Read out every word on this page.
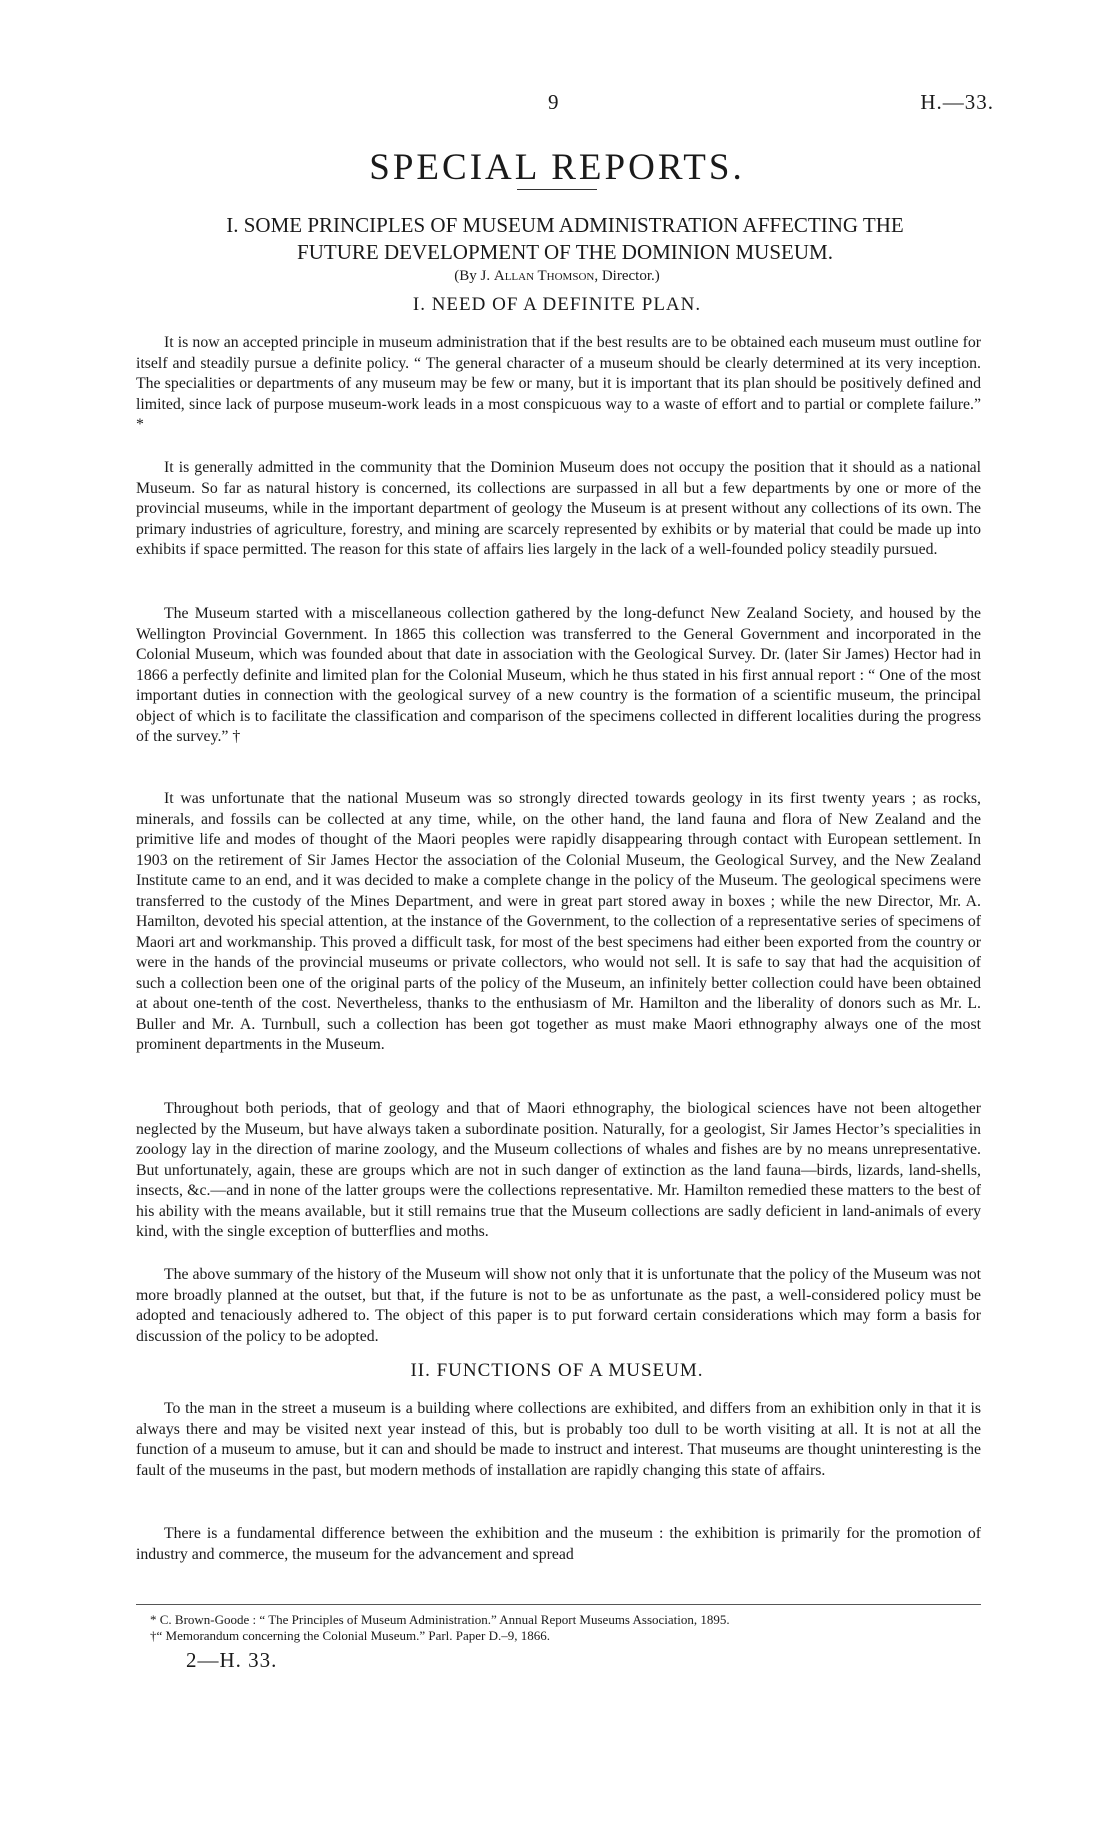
9	H.—33.
SPECIAL REPORTS.
I. SOME PRINCIPLES OF MUSEUM ADMINISTRATION AFFECTING THE
FUTURE DEVELOPMENT OF THE DOMINION MUSEUM.
(By J. Allan Thomson, Director.)
I. NEED OF A DEFINITE PLAN.

It is now an accepted principle in museum administration that if the best results are to be obtained each museum must outline for itself and steadily pursue a definite policy. “ The general character of a museum should be clearly determined at its very inception. The specialities or departments of any museum may be few or many, but it is important that its plan should be positively defined and limited, since lack of purpose museum-work leads in a most conspicuous way to a waste of effort and to partial or complete failure.” *

It is generally admitted in the community that the Dominion Museum does not occupy the position that it should as a national Museum. So far as natural history is concerned, its collections are surpassed in all but a few departments by one or more of the provincial museums, while in the important department of geology the Museum is at present without any collections of its own. The primary industries of agriculture, forestry, and mining are scarcely represented by exhibits or by material that could be made up into exhibits if space permitted. The reason for this state of affairs lies largely in the lack of a well-founded policy steadily pursued.

The Museum started with a miscellaneous collection gathered by the long-defunct New Zealand Society, and housed by the Wellington Provincial Government. In 1865 this collection was transferred to the General Government and incorporated in the Colonial Museum, which was founded about that date in association with the Geological Survey. Dr. (later Sir James) Hector had in 1866 a perfectly definite and limited plan for the Colonial Museum, which he thus stated in his first annual report : “ One of the most important duties in connection with the geological survey of a new country is the formation of a scientific museum, the principal object of which is to facilitate the classification and comparison of the specimens collected in different localities during the progress of the survey.” †

It was unfortunate that the national Museum was so strongly directed towards geology in its first twenty years ; as rocks, minerals, and fossils can be collected at any time, while, on the other hand, the land fauna and flora of New Zealand and the primitive life and modes of thought of the Maori peoples were rapidly disappearing through contact with European settlement. In 1903 on the retirement of Sir James Hector the association of the Colonial Museum, the Geological Survey, and the New Zealand Institute came to an end, and it was decided to make a complete change in the policy of the Museum. The geological specimens were transferred to the custody of the Mines Department, and were in great part stored away in boxes ; while the new Director, Mr. A. Hamilton, devoted his special attention, at the instance of the Government, to the collection of a representative series of specimens of Maori art and workmanship. This proved a difficult task, for most of the best specimens had either been exported from the country or were in the hands of the provincial museums or private collectors, who would not sell. It is safe to say that had the acquisition of such a collection been one of the original parts of the policy of the Museum, an infinitely better collection could have been obtained at about one-tenth of the cost. Nevertheless, thanks to the enthusiasm of Mr. Hamilton and the liberality of donors such as Mr. L. Buller and Mr. A. Turnbull, such a collection has been got together as must make Maori ethnography always one of the most prominent departments in the Museum.

Throughout both periods, that of geology and that of Maori ethnography, the biological sciences have not been altogether neglected by the Museum, but have always taken a subordinate position. Naturally, for a geologist, Sir James Hector’s specialities in zoology lay in the direction of marine zoology, and the Museum collections of whales and fishes are by no means unrepresentative. But unfortunately, again, these are groups which are not in such danger of extinction as the land fauna—birds, lizards, land-shells, insects, &c.—and in none of the latter groups were the collections representative. Mr. Hamilton remedied these matters to the best of his ability with the means available, but it still remains true that the Museum collections are sadly deficient in land-animals of every kind, with the single exception of butterflies and moths.

The above summary of the history of the Museum will show not only that it is unfortunate that the policy of the Museum was not more broadly planned at the outset, but that, if the future is not to be as unfortunate as the past, a well-considered policy must be adopted and tenaciously adhered to. The object of this paper is to put forward certain considerations which may form a basis for discussion of the policy to be adopted.

II. FUNCTIONS OF A MUSEUM.

To the man in the street a museum is a building where collections are exhibited, and differs from an exhibition only in that it is always there and may be visited next year instead of this, but is probably too dull to be worth visiting at all. It is not at all the function of a museum to amuse, but it can and should be made to instruct and interest. That museums are thought uninteresting is the fault of the museums in the past, but modern methods of installation are rapidly changing this state of affairs.

There is a fundamental difference between the exhibition and the museum : the exhibition is primarily for the promotion of industry and commerce, the museum for the advancement and spread

* C. Brown-Goode : “ The Principles of Museum Administration.” Annual Report Museums Association, 1895.

†“ Memorandum concerning the Colonial Museum.” Parl. Paper D.–9, 1866.

2—H. 33.
